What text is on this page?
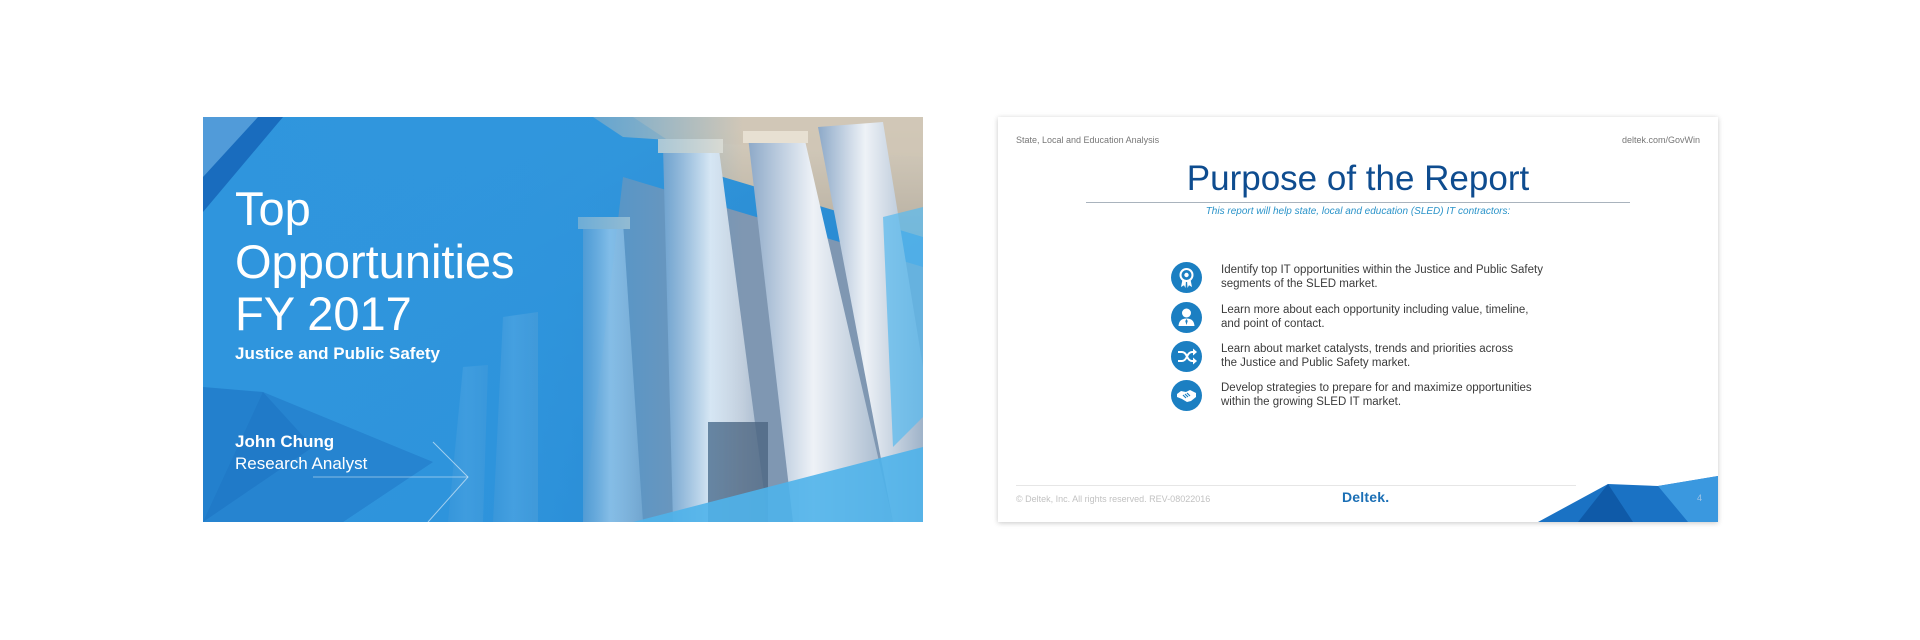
Top
Opportunities
FY 2017
Justice and Public Safety
John Chung
Research Analyst
State, Local and Education Analysis	deltek.com/GovWin
Purpose of the Report
This report will help state, local and education (SLED) IT contractors:
Identify top IT opportunities within the Justice and Public Safety
segments of the SLED market.
Learn more about each opportunity including value, timeline,
and point of contact.
Learn about market catalysts, trends and priorities across
the Justice and Public Safety market.
Develop strategies to prepare for and maximize opportunities
within the growing SLED IT market.
© Deltek, Inc. All rights reserved. REV-08022016	Deltek.	4
